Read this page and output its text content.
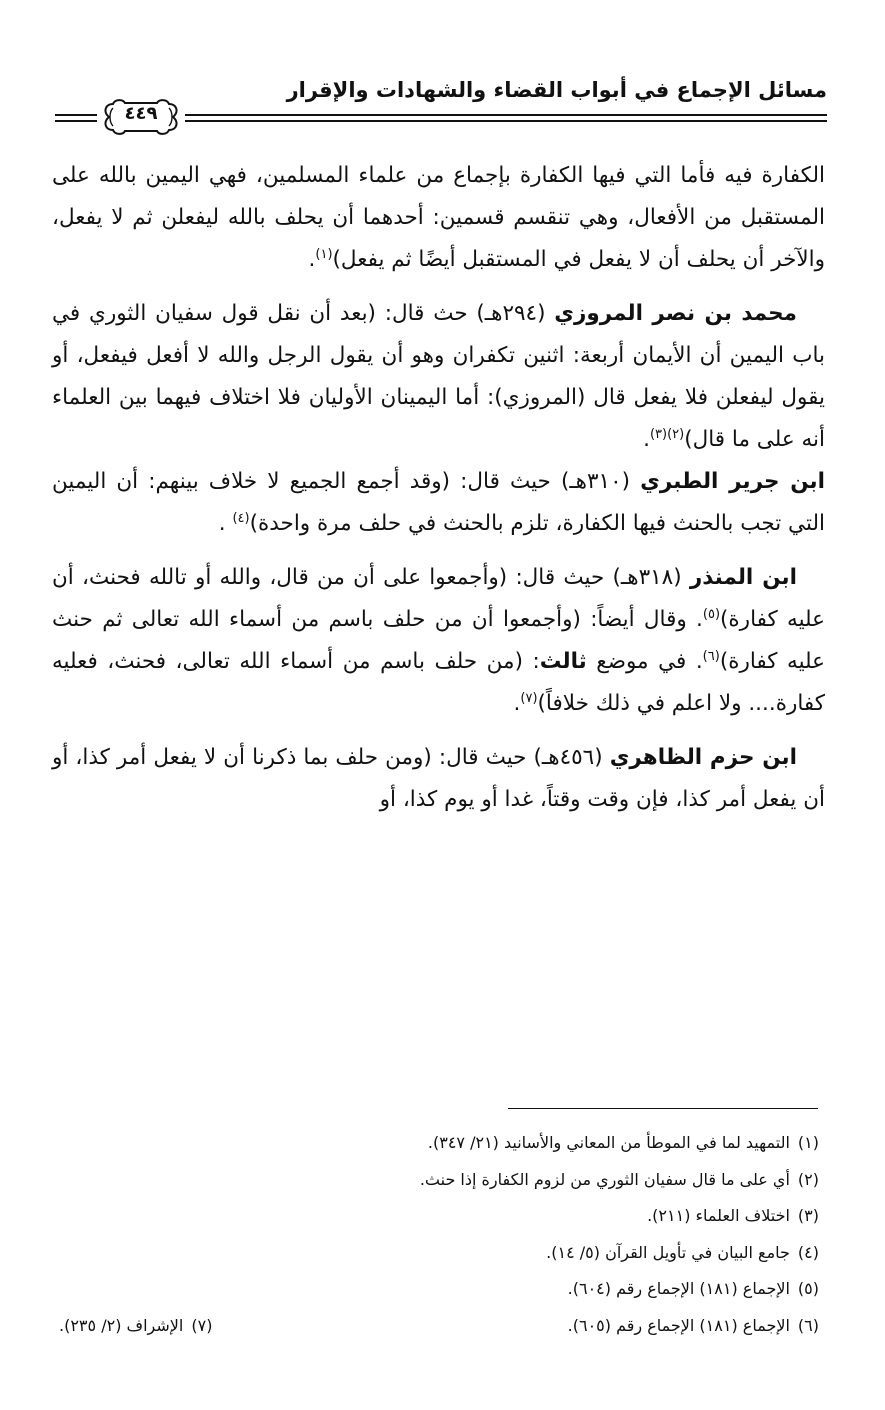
مسائل الإجماع في أبواب القضاء والشهادات والإقرار
٤٤٩

الكفارة فيه فأما التي فيها الكفارة بإجماع من علماء المسلمين، فهي اليمين بالله على المستقبل من الأفعال، وهي تنقسم قسمين: أحدهما أن يحلف بالله ليفعلن ثم لا يفعل، والآخر أن يحلف أن لا يفعل في المستقبل أيضًا ثم يفعل)$^{(١)}$.

محمد بن نصر المروزي (٢٩٤هـ) حث قال: (بعد أن نقل قول سفيان الثوري في باب اليمين أن الأيمان أربعة: اثنين تكفران وهو أن يقول الرجل والله لا أفعل فيفعل، أو يقول ليفعلن فلا يفعل قال (المروزي): أما اليمينان الأوليان فلا اختلاف فيهما بين العلماء أنه على ما قال)$^{(٢)(٣)}$.

ابن جرير الطبري (٣١٠هـ) حيث قال: (وقد أجمع الجميع لا خلاف بينهم: أن اليمين التي تجب بالحنث فيها الكفارة، تلزم بالحنث في حلف مرة واحدة)$^{(٤)}$ .

ابن المنذر (٣١٨هـ) حيث قال: (وأجمعوا على أن من قال، والله أو تالله فحنث، أن عليه كفارة)$^{(٥)}$. وقال أيضاً: (وأجمعوا أن من حلف باسم من أسماء الله تعالى ثم حنث عليه كفارة)$^{(٦)}$. في موضع ثالث: (من حلف باسم من أسماء الله تعالى، فحنث، فعليه كفارة.... ولا اعلم في ذلك خلافاً)$^{(٧)}$.

ابن حزم الظاهري (٤٥٦هـ) حيث قال: (ومن حلف بما ذكرنا أن لا يفعل أمر كذا، أو أن يفعل أمر كذا، فإن وقت وقتاً، غدا أو يوم كذا، أو

(١)التمهيد لما في الموطأ من المعاني والأسانيد (٢١/ ٣٤٧).
(٢)أي على ما قال سفيان الثوري من لزوم الكفارة إذا حنث.
(٣)اختلاف العلماء (٢١١).
(٤)جامع البيان في تأويل القرآن (٥/ ١٤).
(٥)الإجماع (١٨١) الإجماع رقم (٦٠٤).
(٦)الإجماع (١٨١) الإجماع رقم (٦٠٥).
(٧)الإشراف (٢/ ٢٣٥).
